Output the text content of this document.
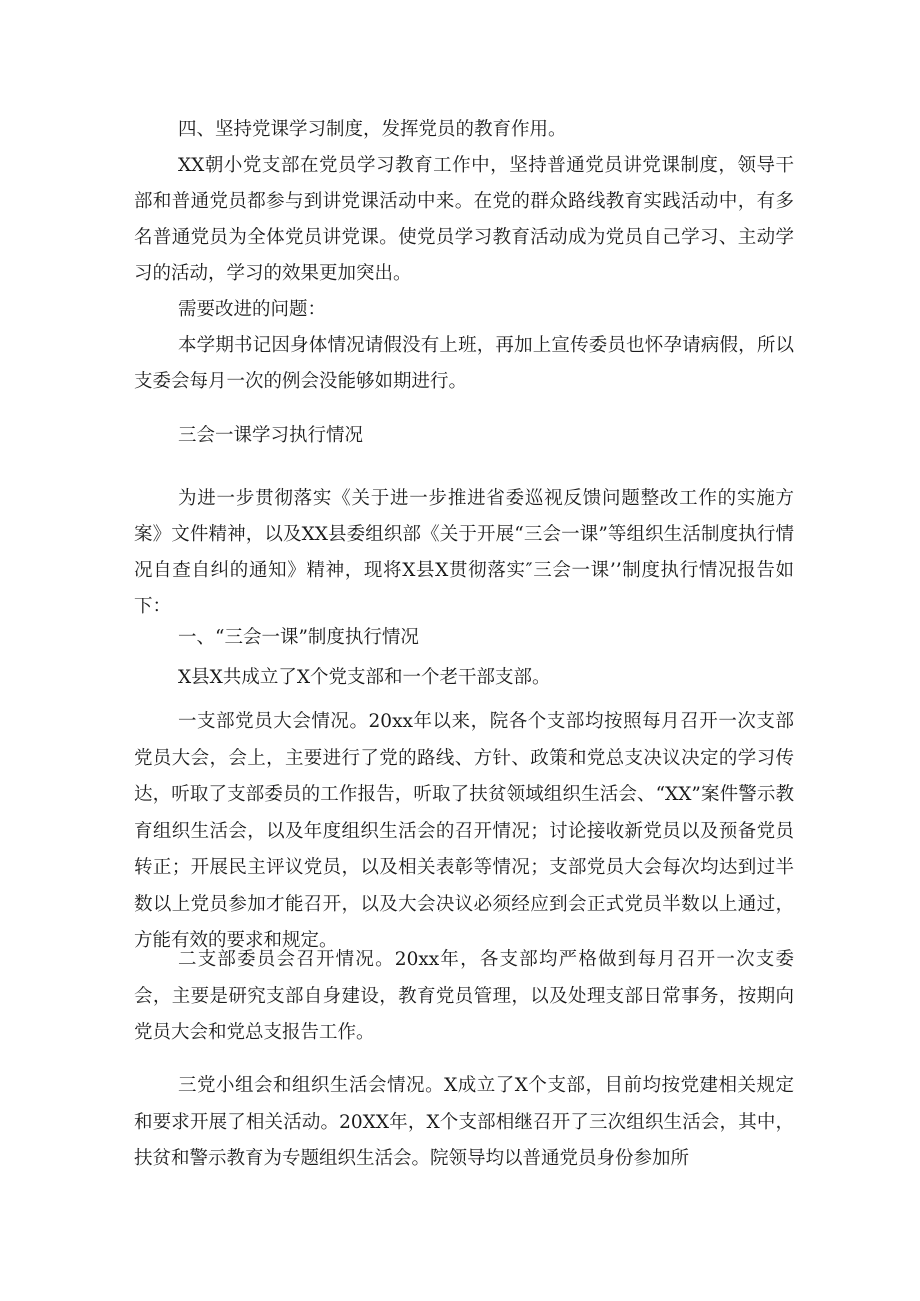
四、坚持党课学习制度，发挥党员的教育作用。

XX朝小党支部在党员学习教育工作中，坚持普通党员讲党课制度，领导干部和普通党员都参与到讲党课活动中来。在党的群众路线教育实践活动中，有多名普通党员为全体党员讲党课。使党员学习教育活动成为党员自己学习、主动学习的活动，学习的效果更加突出。

需要改进的问题：

本学期书记因身体情况请假没有上班，再加上宣传委员也怀孕请病假，所以支委会每月一次的例会没能够如期进行。

三会一课学习执行情况

为进一步贯彻落实《关于进一步推进省委巡视反馈问题整改工作的实施方案》文件精神，以及XX县委组织部《关于开展“三会一课”等组织生活制度执行情况自查自纠的通知》精神，现将X县X贯彻落实″三会一课’’制度执行情况报告如下：

一、“三会一课”制度执行情况

X县X共成立了X个党支部和一个老干部支部。

一支部党员大会情况。20xx年以来，院各个支部均按照每月召开一次支部党员大会，会上，主要进行了党的路线、方针、政策和党总支决议决定的学习传达，听取了支部委员的工作报告，听取了扶贫领域组织生活会、“XX”案件警示教育组织生活会，以及年度组织生活会的召开情况；讨论接收新党员以及预备党员转正；开展民主评议党员，以及相关表彰等情况；支部党员大会每次均达到过半数以上党员参加才能召开，以及大会决议必须经应到会正式党员半数以上通过，方能有效的要求和规定。

二支部委员会召开情况。20xx年，各支部均严格做到每月召开一次支委会，主要是研究支部自身建设，教育党员管理，以及处理支部日常事务，按期向党员大会和党总支报告工作。

三党小组会和组织生活会情况。X成立了X个支部，目前均按党建相关规定和要求开展了相关活动。20XX年，X个支部相继召开了三次组织生活会，其中，扶贫和警示教育为专题组织生活会。院领导均以普通党员身份参加所
